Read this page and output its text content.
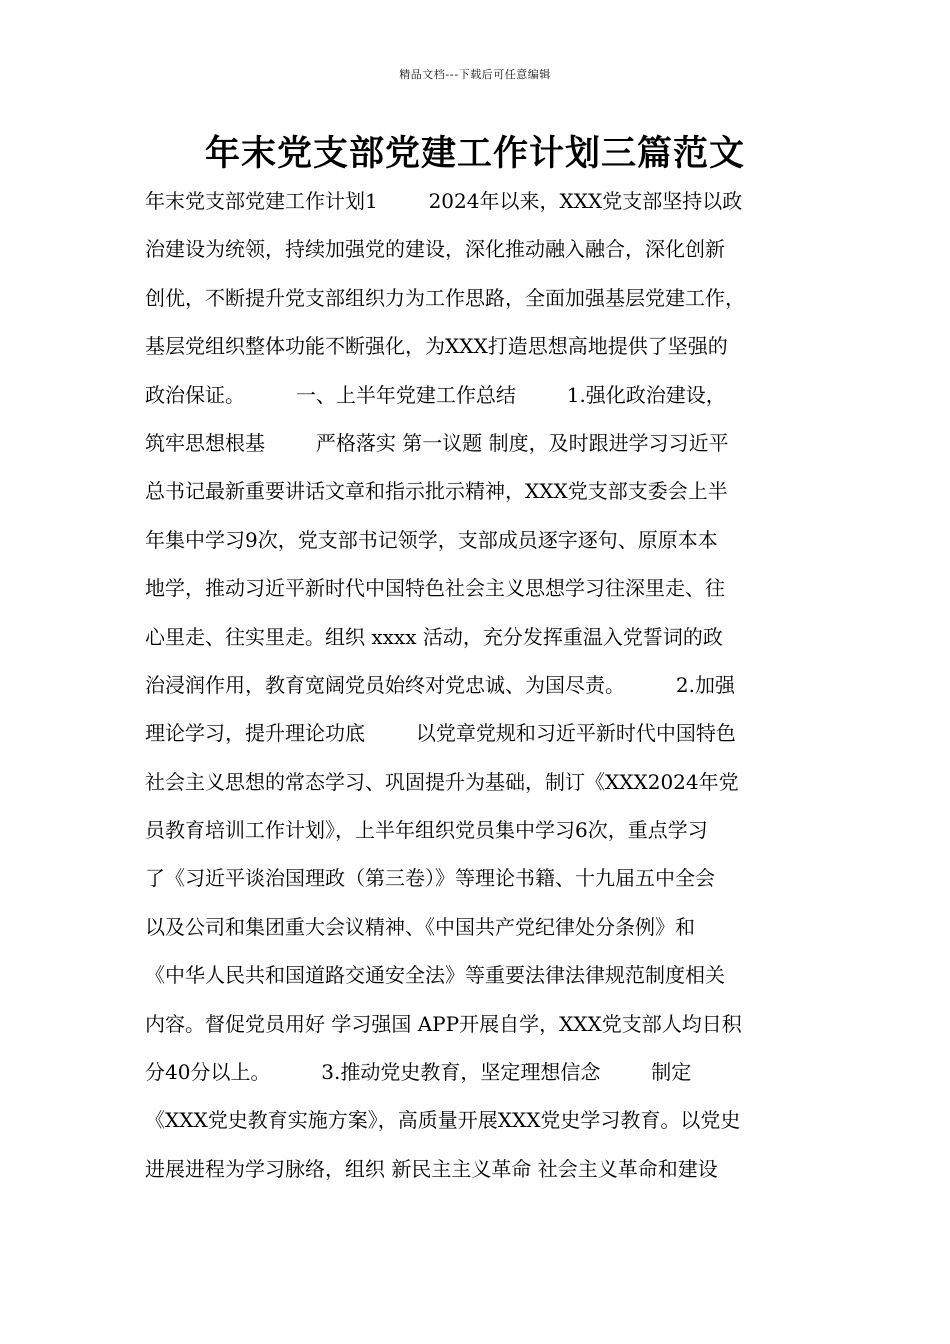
精品文档---下载后可任意编辑
年末党支部党建工作计划三篇范文
年末党支部党建工作计划1        2024年以来，XXX党支部坚持以政
治建设为统领，持续加强党的建设，深化推动融入融合，深化创新
创优，不断提升党支部组织力为工作思路，全面加强基层党建工作，
基层党组织整体功能不断强化，为XXX打造思想高地提供了坚强的
政治保证。        一、上半年党建工作总结        1.强化政治建设，
筑牢思想根基        严格落实 第一议题 制度，及时跟进学习习近平
总书记最新重要讲话文章和指示批示精神，XXX党支部支委会上半
年集中学习9次，党支部书记领学，支部成员逐字逐句、原原本本
地学，推动习近平新时代中国特色社会主义思想学习往深里走、往
心里走、往实里走。组织 xxxx 活动，充分发挥重温入党誓词的政
治浸润作用，教育宽阔党员始终对党忠诚、为国尽责。        2.加强
理论学习，提升理论功底        以党章党规和习近平新时代中国特色
社会主义思想的常态学习、巩固提升为基础，制订《XXX2024年党
员教育培训工作计划》，上半年组织党员集中学习6次，重点学习
了《习近平谈治国理政（第三卷）》等理论书籍、十九届五中全会
以及公司和集团重大会议精神、《中国共产党纪律处分条例》和
《中华人民共和国道路交通安全法》等重要法律法律规范制度相关
内容。督促党员用好 学习强国 APP开展自学，XXX党支部人均日积
分40分以上。        3.推动党史教育，坚定理想信念        制定
《XXX党史教育实施方案》，高质量开展XXX党史学习教育。以党史
进展进程为学习脉络，组织 新民主主义革命 社会主义革命和建设
